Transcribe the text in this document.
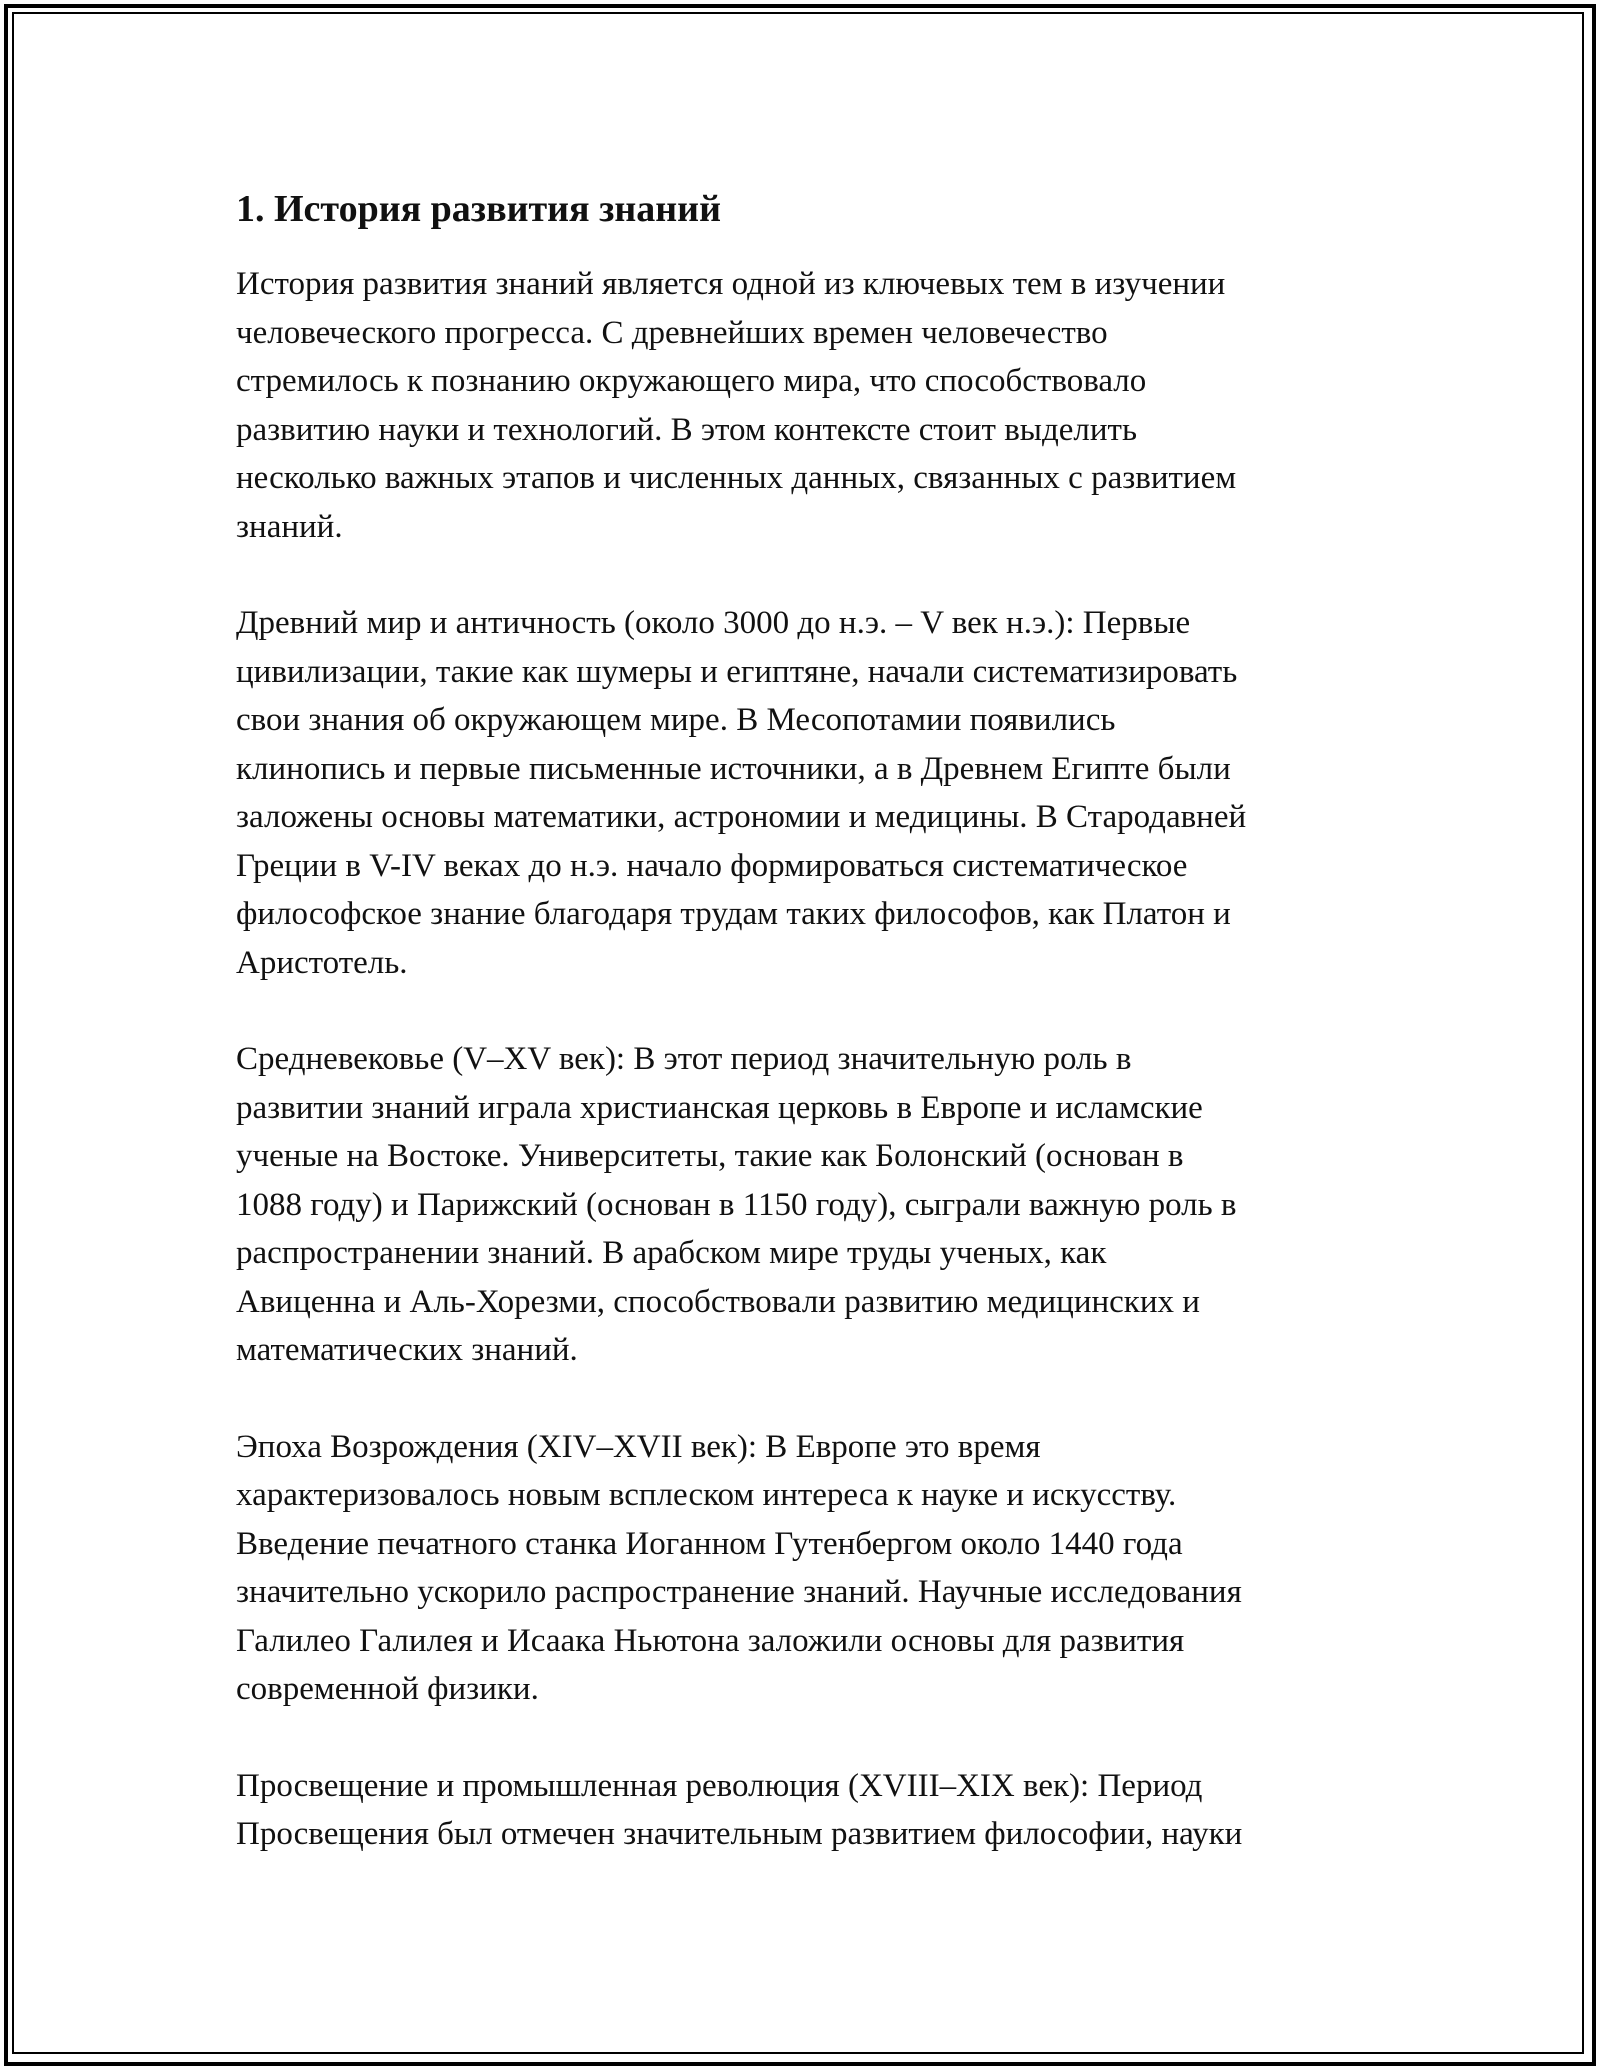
1. История развития знаний

История развития знаний является одной из ключевых тем в изучении
человеческого прогресса. С древнейших времен человечество
стремилось к познанию окружающего мира, что способствовало
развитию науки и технологий. В этом контексте стоит выделить
несколько важных этапов и численных данных, связанных с развитием
знаний.

Древний мир и античность (около 3000 до н.э. – V век н.э.): Первые
цивилизации, такие как шумеры и египтяне, начали систематизировать
свои знания об окружающем мире. В Месопотамии появились
клинопись и первые письменные источники, а в Древнем Египте были
заложены основы математики, астрономии и медицины. В Стародавней
Греции в V-IV веках до н.э. начало формироваться систематическое
философское знание благодаря трудам таких философов, как Платон и
Аристотель.

Средневековье (V–XV век): В этот период значительную роль в
развитии знаний играла христианская церковь в Европе и исламские
ученые на Востоке. Университеты, такие как Болонский (основан в
1088 году) и Парижский (основан в 1150 году), сыграли важную роль в
распространении знаний. В арабском мире труды ученых, как
Авиценна и Аль-Хорезми, способствовали развитию медицинских и
математических знаний.

Эпоха Возрождения (XIV–XVII век): В Европе это время
характеризовалось новым всплеском интереса к науке и искусству.
Введение печатного станка Иоганном Гутенбергом около 1440 года
значительно ускорило распространение знаний. Научные исследования
Галилео Галилея и Исаака Ньютона заложили основы для развития
современной физики.

Просвещение и промышленная революция (XVIII–XIX век): Период
Просвещения был отмечен значительным развитием философии, науки
